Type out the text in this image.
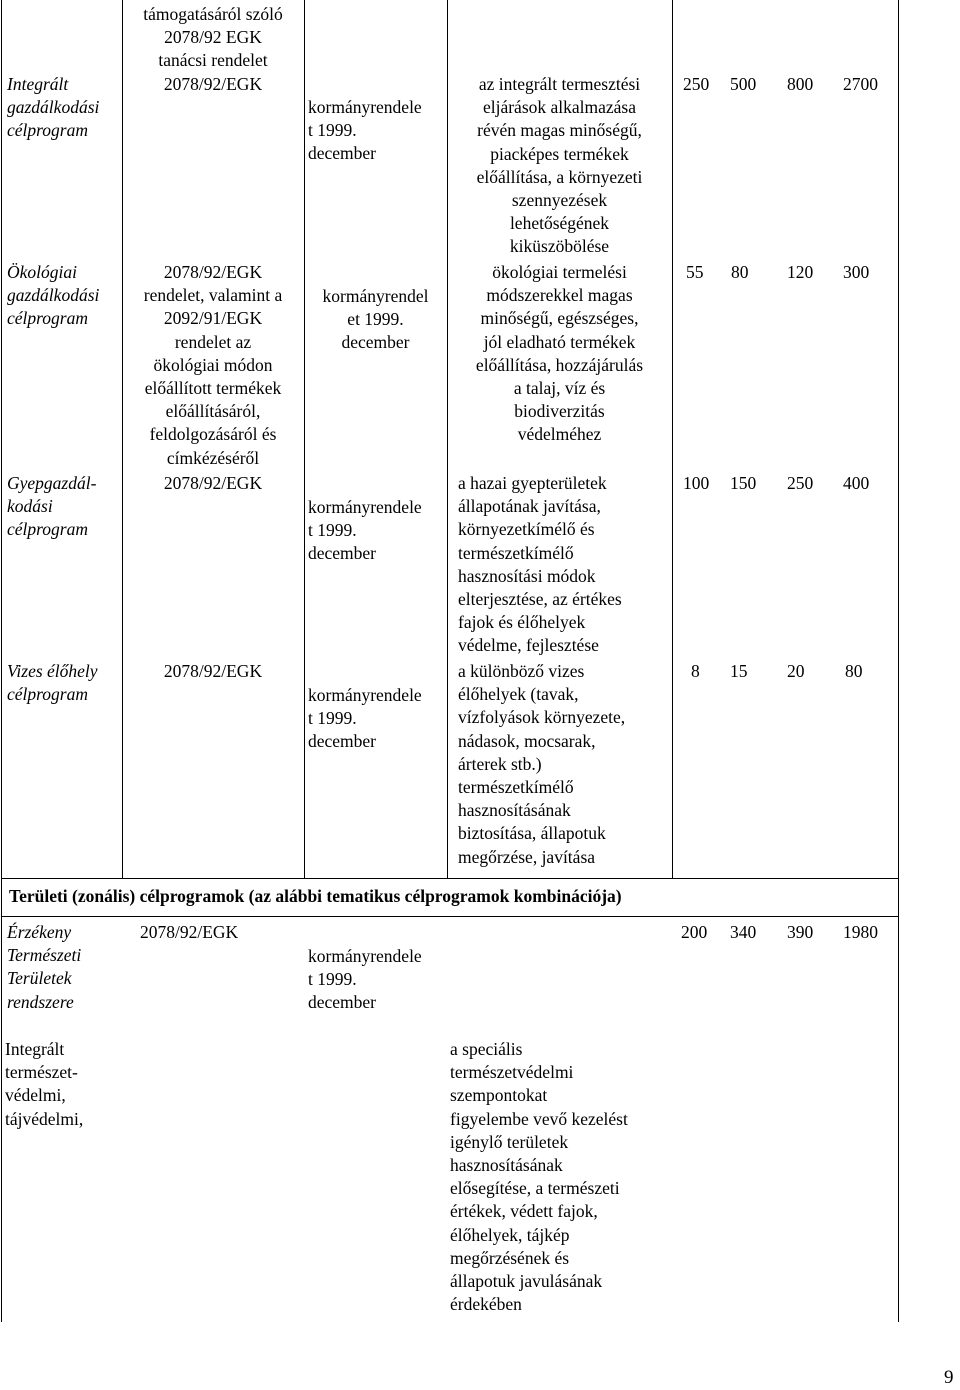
Integrált
gazdálkodási
célprogram
támogatásáról szóló
2078/92 EGK
tanácsi rendelet
2078/92/EGK
kormányrendele
t 1999.
december
az integrált termesztési
eljárások alkalmazása
révén magas minőségű,
piacképes termékek
előállítása, a környezeti
szennyezések
lehetőségének
kiküszöbölése
250 500 800 2700
Ökológiai
gazdálkodási
célprogram
2078/92/EGK
rendelet, valamint a
2092/91/EGK
rendelet az
ökológiai módon
előállított termékek
előállításáról,
feldolgozásáról és
címkézéséről
kormányrendel
et 1999.
december
ökológiai termelési
módszerekkel magas
minőségű, egészséges,
jól eladható termékek
előállítása, hozzájárulás
a talaj, víz és
biodiverzitás
védelméhez
55 80 120 300
Gyepgazdál-
kodási
célprogram
2078/92/EGK
kormányrendele
t 1999.
december
a hazai gyepterületek
állapotának javítása,
környezetkímélő és
természetkímélő
hasznosítási módok
elterjesztése, az értékes
fajok és élőhelyek
védelme, fejlesztése
100 150 250 400
Vizes élőhely
célprogram
2078/92/EGK
kormányrendele
t 1999.
december
a különböző vizes
élőhelyek (tavak,
vízfolyások környezete,
nádasok, mocsarak,
árterek stb.)
természetkímélő
hasznosításának
biztosítása, állapotuk
megőrzése, javítása
8 15 20 80
Területi (zonális) célprogramok (az alábbi tematikus célprogramok kombinációja)
Érzékeny
Természeti
Területek
rendszere
2078/92/EGK
kormányrendele
t 1999.
december
200 340 390 1980
Integrált
természet-
védelmi,
tájvédelmi,
a speciális
természetvédelmi
szempontokat
figyelembe vevő kezelést
igénylő területek
hasznosításának
elősegítése, a természeti
értékek, védett fajok,
élőhelyek, tájkép
megőrzésének és
állapotuk javulásának
érdekében
9
